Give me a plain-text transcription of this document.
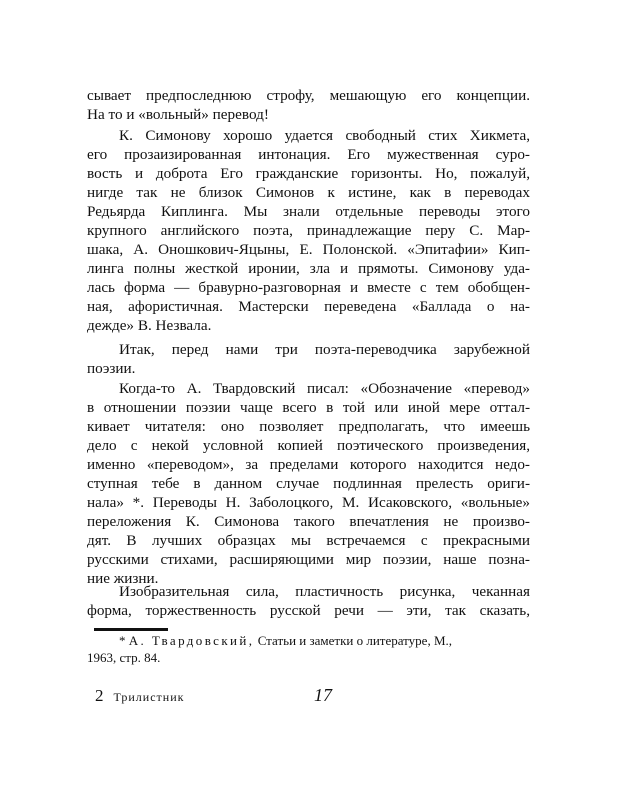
сывает предпоследнюю строфу, мешающую его концепции.
На то и «вольный» перевод!

К. Симонову хорошо удается свободный стих Хикмета,
его прозаизированная интонация. Его мужественная суро-
вость и доброта Его гражданские горизонты. Но, пожалуй,
нигде так не близок Симонов к истине, как в переводах
Редьярда Киплинга. Мы знали отдельные переводы этого
крупного английского поэта, принадлежащие перу С. Мар-
шака, А. Оношкович-Яцыны, Е. Полонской. «Эпитафии» Кип-
линга полны жесткой иронии, зла и прямоты. Симонову уда-
лась форма — бравурно-разговорная и вместе с тем обобщен-
ная, афористичная. Мастерски переведена «Баллада о на-
дежде» В. Незвала.

Итак, перед нами три поэта-переводчика зарубежной
поэзии.

Когда-то А. Твардовский писал: «Обозначение «перевод»
в отношении поэзии чаще всего в той или иной мере оттал-
кивает читателя: оно позволяет предполагать, что имеешь
дело с некой условной копией поэтического произведения,
именно «переводом», за пределами которого находится недо-
ступная тебе в данном случае подлинная прелесть ориги-
нала» *. Переводы Н. Заболоцкого, М. Исаковского, «вольные»
переложения К. Симонова такого впечатления не произво-
дят. В лучших образцах мы встречаемся с прекрасными
русскими стихами, расширяющими мир поэзии, наше позна-
ние жизни.

Изобразительная сила, пластичность рисунка, чеканная
форма, торжественность русской речи — эти, так сказать,

* А. Твардовский, Статьи и заметки о литературе, М.,
1963, стр. 84.

2 Трилистник	17
